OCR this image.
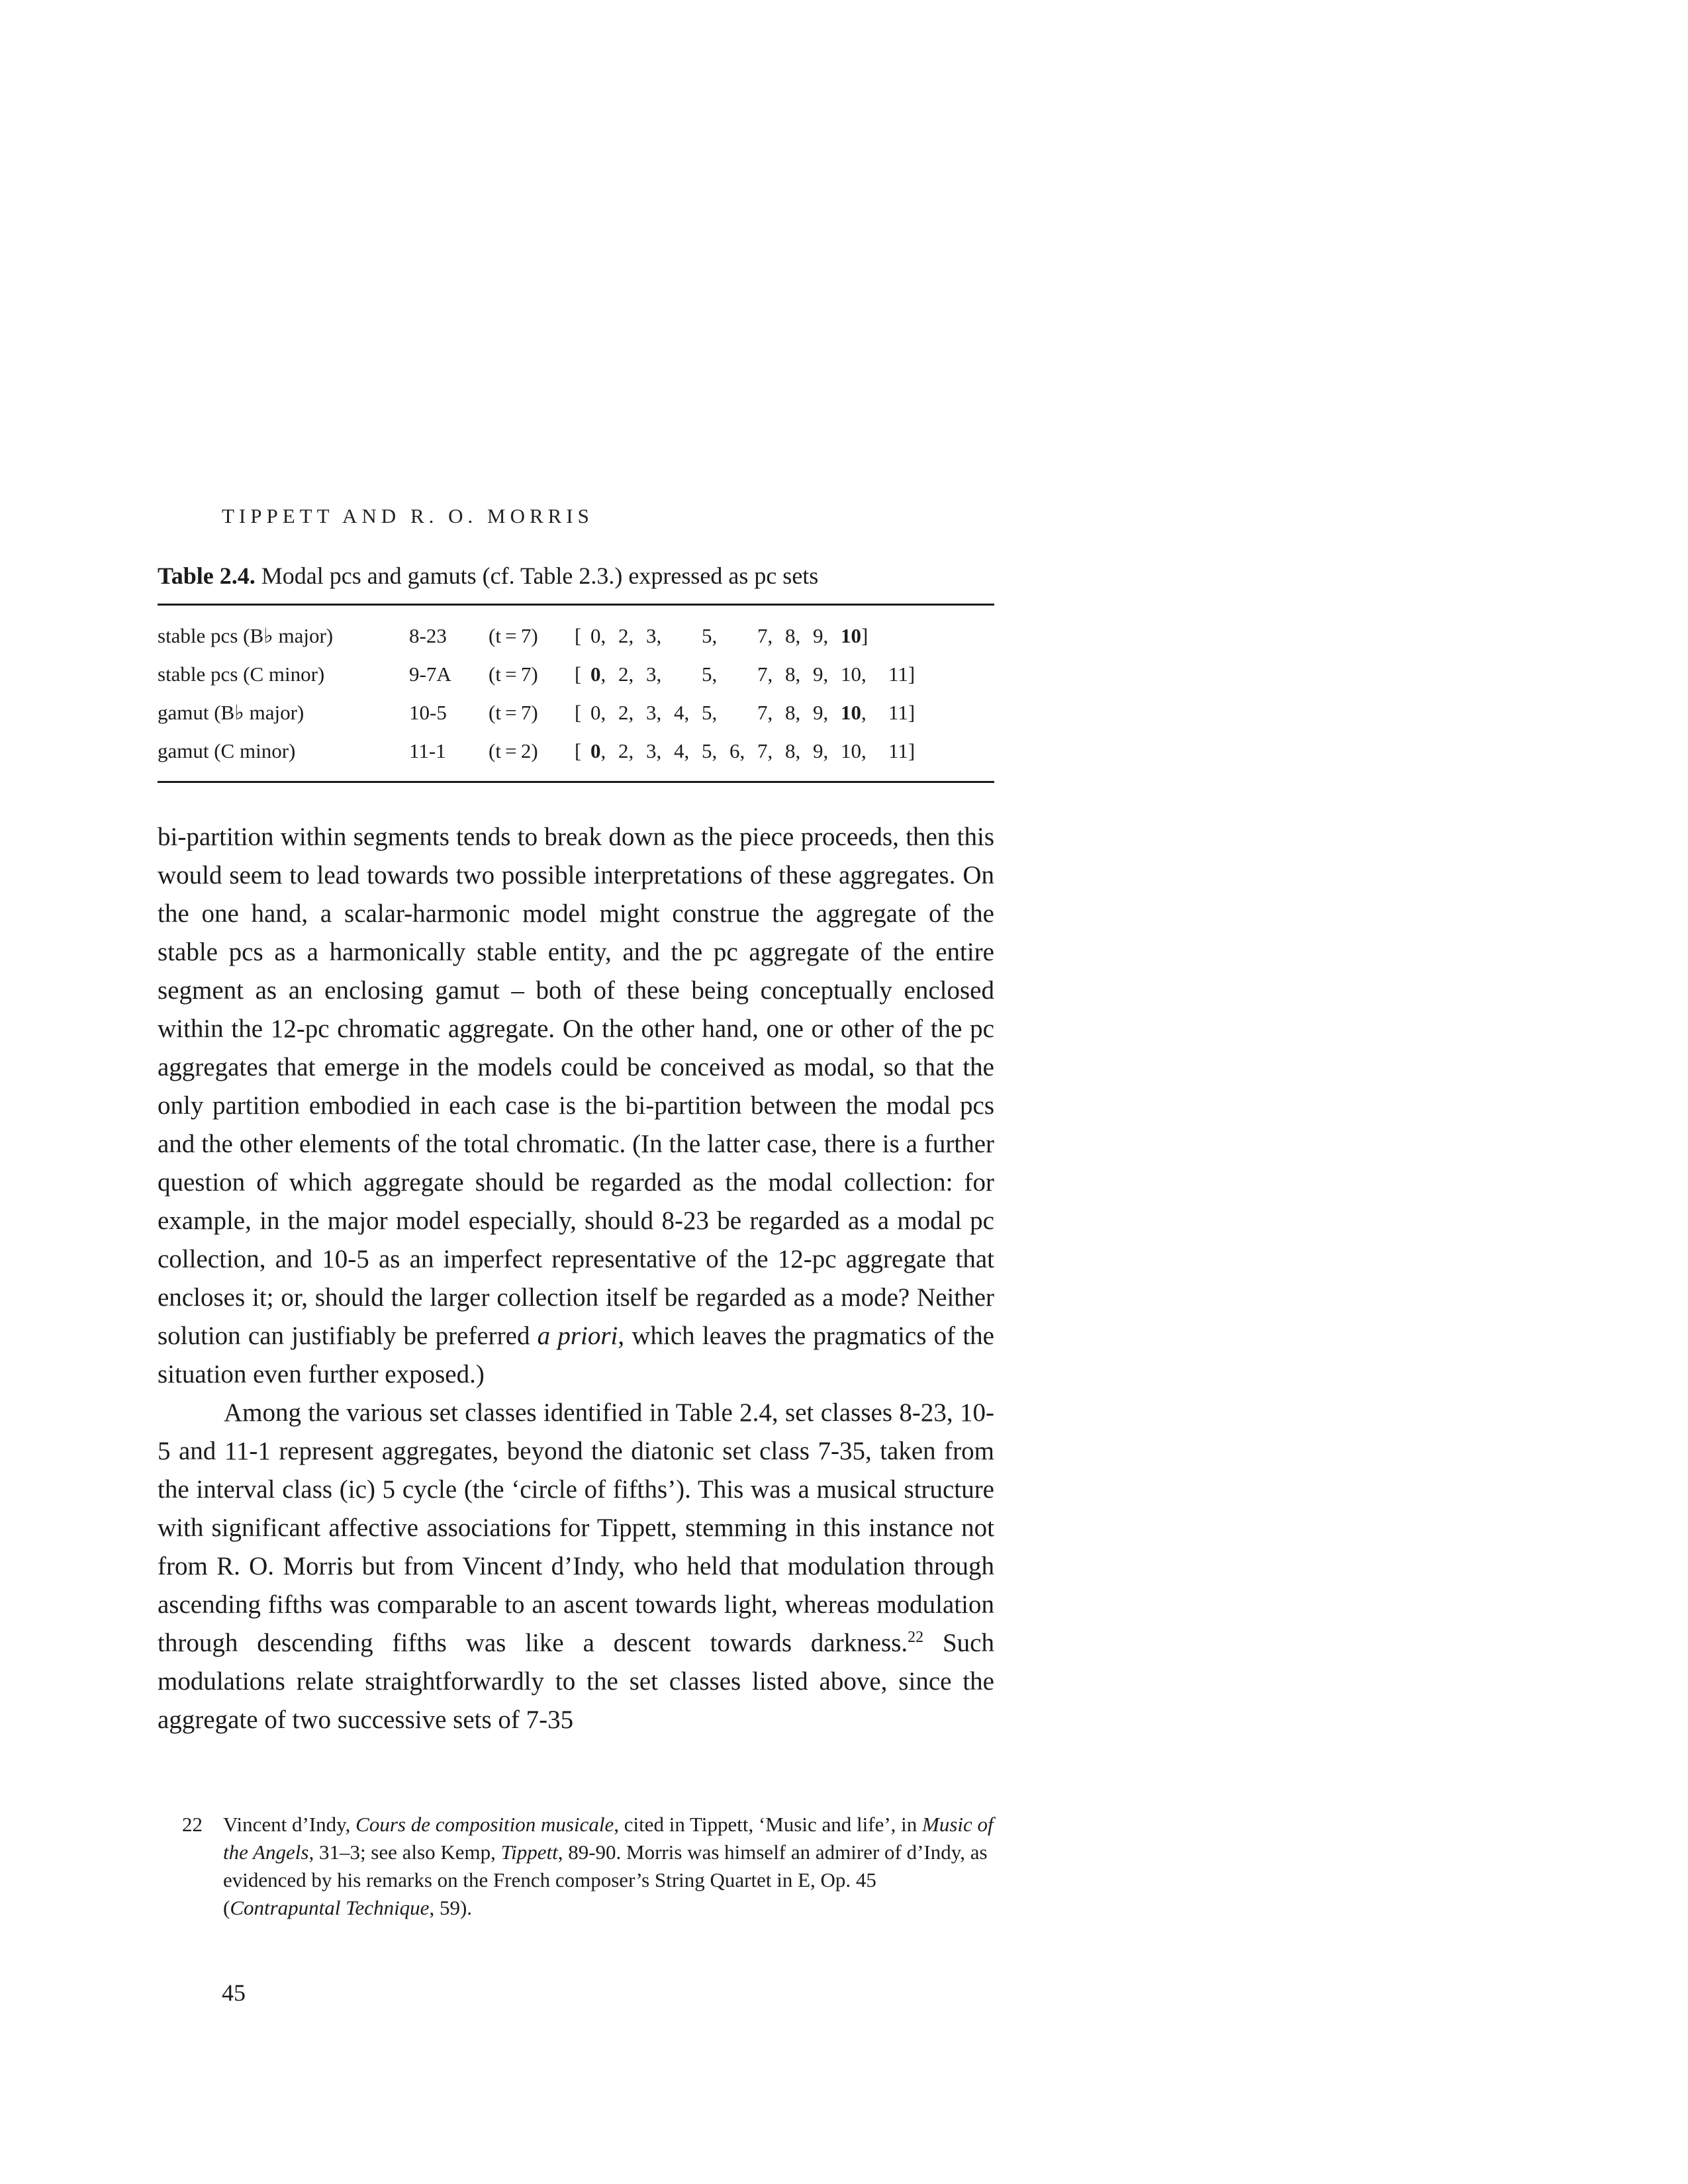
TIPPETT AND R. O. MORRIS
Table 2.4. Modal pcs and gamuts (cf. Table 2.3.) expressed as pc sets
stable pcs (B♭ major)	8-23	(t = 7)	[	0,	2,	3,		5,		7,	8,	9,	10]	
stable pcs (C minor)	9-7A	(t = 7)	[	0,	2,	3,		5,		7,	8,	9,	10,	11]
gamut (B♭ major)	10-5	(t = 7)	[	0,	2,	3,	4,	5,		7,	8,	9,	10,	11]
gamut (C minor)	11-1	(t = 2)	[	0,	2,	3,	4,	5,	6,	7,	8,	9,	10,	11]

bi-partition within segments tends to break down as the piece proceeds, then this would seem to lead towards two possible interpretations of these aggregates. On the one hand, a scalar-harmonic model might construe the aggregate of the stable pcs as a harmonically stable entity, and the pc aggregate of the entire segment as an enclosing gamut – both of these being conceptually enclosed within the 12-pc chromatic aggregate. On the other hand, one or other of the pc aggregates that emerge in the models could be conceived as modal, so that the only partition embodied in each case is the bi-partition between the modal pcs and the other elements of the total chromatic. (In the latter case, there is a further question of which aggregate should be regarded as the modal collection: for example, in the major model especially, should 8-23 be regarded as a modal pc collection, and 10-5 as an imperfect representative of the 12-pc aggregate that encloses it; or, should the larger collection itself be regarded as a mode? Neither solution can justifiably be preferred a priori, which leaves the pragmatics of the situation even further exposed.)

Among the various set classes identified in Table 2.4, set classes 8-23, 10-5 and 11-1 represent aggregates, beyond the diatonic set class 7-35, taken from the interval class (ic) 5 cycle (the ‘circle of fifths’). This was a musical structure with significant affective associations for Tippett, stemming in this instance not from R. O. Morris but from Vincent d’Indy, who held that modulation through ascending fifths was comparable to an ascent towards light, whereas modulation through descending fifths was like a descent towards darkness.$^{22}$ Such modulations relate straightforwardly to the set classes listed above, since the aggregate of two successive sets of 7-35

22 Vincent d’Indy, Cours de composition musicale, cited in Tippett, ‘Music and life’, in Music of the Angels, 31–3; see also Kemp, Tippett, 89-90. Morris was himself an admirer of d’Indy, as evidenced by his remarks on the French composer’s String Quartet in E, Op. 45 (Contrapuntal Technique, 59).
45
